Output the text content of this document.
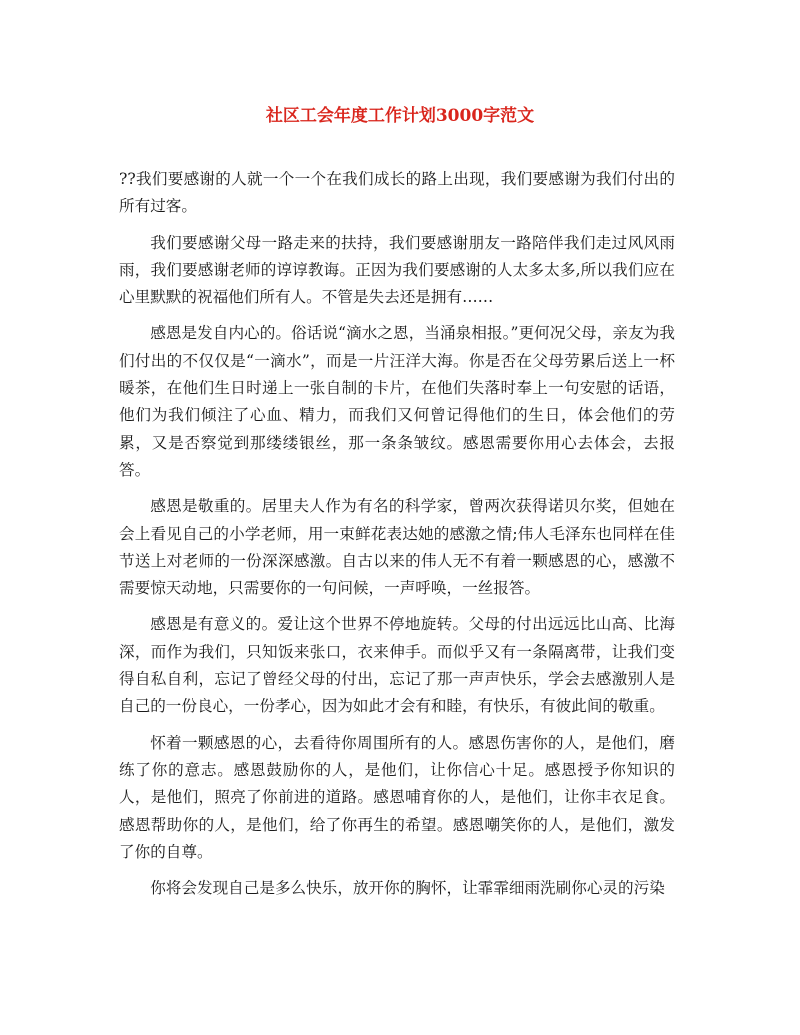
社区工会年度工作计划3000字范文

??我们要感谢的人就一个一个在我们成长的路上出现，我们要感谢为我们付出的所有过客。

我们要感谢父母一路走来的扶持，我们要感谢朋友一路陪伴我们走过风风雨雨，我们要感谢老师的谆谆教诲。正因为我们要感谢的人太多太多,所以我们应在心里默默的祝福他们所有人。不管是失去还是拥有……

感恩是发自内心的。俗话说“滴水之恩，当涌泉相报。”更何况父母，亲友为我们付出的不仅仅是“一滴水”，而是一片汪洋大海。你是否在父母劳累后送上一杯暖茶，在他们生日时递上一张自制的卡片，在他们失落时奉上一句安慰的话语，他们为我们倾注了心血、精力，而我们又何曾记得他们的生日，体会他们的劳累，又是否察觉到那缕缕银丝，那一条条皱纹。感恩需要你用心去体会，去报答。

感恩是敬重的。居里夫人作为有名的科学家，曾两次获得诺贝尔奖，但她在会上看见自己的小学老师，用一束鲜花表达她的感激之情;伟人毛泽东也同样在佳节送上对老师的一份深深感激。自古以来的伟人无不有着一颗感恩的心，感激不需要惊天动地，只需要你的一句问候，一声呼唤，一丝报答。

感恩是有意义的。爱让这个世界不停地旋转。父母的付出远远比山高、比海深，而作为我们，只知饭来张口，衣来伸手。而似乎又有一条隔离带，让我们变得自私自利，忘记了曾经父母的付出，忘记了那一声声快乐，学会去感激别人是自己的一份良心，一份孝心，因为如此才会有和睦，有快乐，有彼此间的敬重。

怀着一颗感恩的心，去看待你周围所有的人。感恩伤害你的人，是他们，磨练了你的意志。感恩鼓励你的人，是他们，让你信心十足。感恩授予你知识的人，是他们，照亮了你前进的道路。感恩哺育你的人，是他们，让你丰衣足食。感恩帮助你的人，是他们，给了你再生的希望。感恩嘲笑你的人，是他们，激发了你的自尊。

你将会发现自己是多么快乐，放开你的胸怀，让霏霏细雨洗刷你心灵的污染
